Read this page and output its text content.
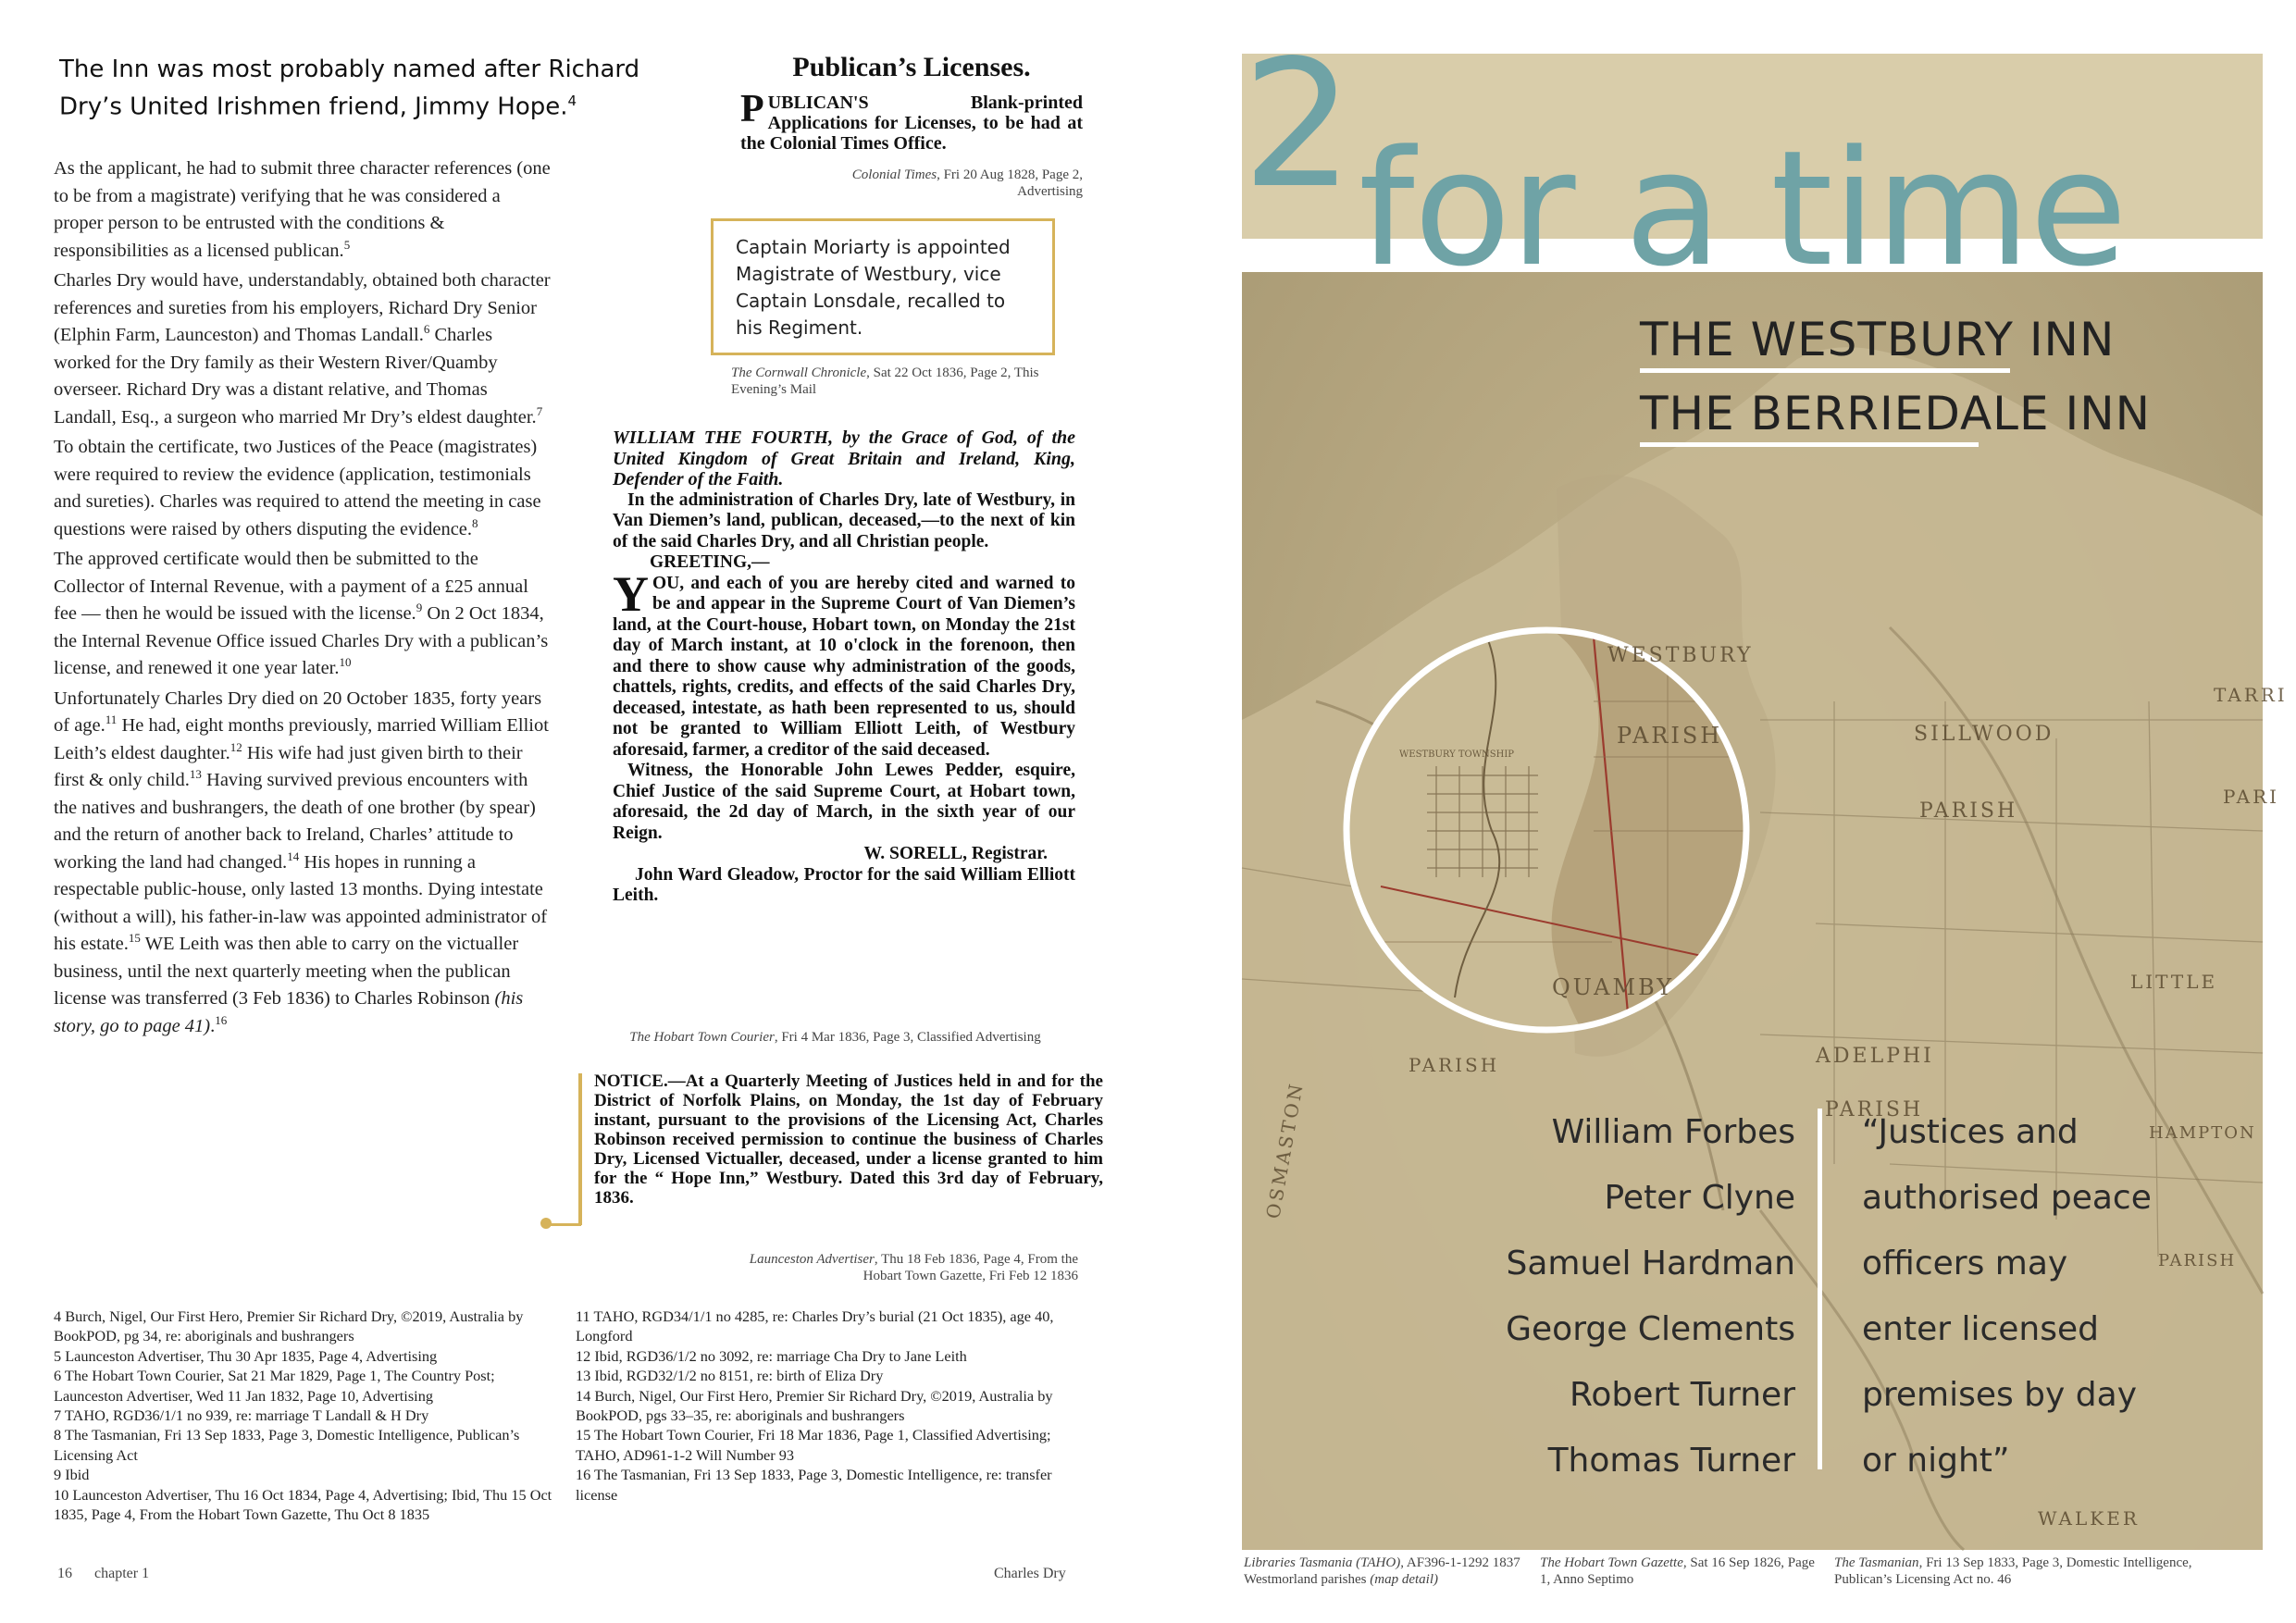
The Inn was most probably named after Richard Dry’s United Irishmen friend, Jimmy Hope.$^4$

As the applicant, he had to submit three character references (one to be from a magistrate) verifying that he was considered a proper person to be entrusted with the conditions & responsibilities as a licensed publican.$^5$

Charles Dry would have, understandably, obtained both character references and sureties from his employers, Richard Dry Senior (Elphin Farm, Launceston) and Thomas Landall.$^6$ Charles worked for the Dry family as their Western River/Quamby overseer. Richard Dry was a distant relative, and Thomas Landall, Esq., a surgeon who married Mr Dry’s eldest daughter.$^7$

To obtain the certificate, two Justices of the Peace (magistrates) were required to review the evidence (application, testimonials and sureties). Charles was required to attend the meeting in case questions were raised by others disputing the evidence.$^8$

The approved certificate would then be submitted to the Collector of Internal Revenue, with a payment of a £25 annual fee — then he would be issued with the license.$^9$ On 2 Oct 1834, the Internal Revenue Office issued Charles Dry with a publican’s license, and renewed it one year later.$^{10}$

Unfortunately Charles Dry died on 20 October 1835, forty years of age.$^{11}$ He had, eight months previously, married William Elliot Leith’s eldest daughter.$^{12}$ His wife had just given birth to their first & only child.$^{13}$ Having survived previous encounters with the natives and bushrangers, the death of one brother (by spear) and the return of another back to Ireland, Charles’ attitude to working the land had changed.$^{14}$ His hopes in running a respectable public-house, only lasted 13 months. Dying intestate (without a will), his father-in-law was appointed administrator of his estate.$^{15}$ WE Leith was then able to carry on the victualler business, until the next quarterly meeting when the publican license was transferred (3 Feb 1836) to Charles Robinson (his story, go to page 41).$^{16}$

Publican’s Licenses.
PUBLICAN'S Blank-printed Applications for Licenses, to be had at the Colonial Times Office.
Colonial Times, Fri 20 Aug 1828, Page 2, Advertising
Captain Moriarty is appointed Magistrate of Westbury, vice Captain Lonsdale, recalled to his Regiment.
The Cornwall Chronicle, Sat 22 Oct 1836, Page 2, This Evening’s Mail

WILLIAM THE FOURTH, by the Grace of God, of the United Kingdom of Great Britain and Ireland, King, Defender of the Faith.

In the administration of Charles Dry, late of Westbury, in Van Diemen’s land, publican, deceased,—to the next of kin of the said Charles Dry, and all Christian people.

GREETING,—

YOU, and each of you are hereby cited and warned to be and appear in the Supreme Court of Van Diemen’s land, at the Court-house, Hobart town, on Monday the 21st day of March instant, at 10 o'clock in the forenoon, then and there to show cause why administration of the goods, chattels, rights, credits, and effects of the said Charles Dry, deceased, intestate, as hath been represented to us, should not be granted to William Elliott Leith, of Westbury aforesaid, farmer, a creditor of the said deceased.

Witness, the Honorable John Lewes Pedder, esquire, Chief Justice of the said Supreme Court, at Hobart town, aforesaid, the 2d day of March, in the sixth year of our Reign.

W. SORELL, Registrar.

John Ward Gleadow, Proctor for the said William Elliott Leith.

The Hobart Town Courier, Fri 4 Mar 1836, Page 3, Classified Advertising
NOTICE.—At a Quarterly Meeting of Justices held in and for the District of Norfolk Plains, on Monday, the 1st day of February instant, pursuant to the provisions of the Licensing Act, Charles Robinson received permission to continue the business of Charles Dry, Licensed Victualler, deceased, under a license granted to him for the “ Hope Inn,” Westbury. Dated this 3rd day of February, 1836.
Launceston Advertiser, Thu 18 Feb 1836, Page 4, From the Hobart Town Gazette, Fri Feb 12 1836

4 Burch, Nigel, Our First Hero, Premier Sir Richard Dry, ©2019, Australia by BookPOD, pg 34, re: aboriginals and bushrangers

5 Launceston Advertiser, Thu 30 Apr 1835, Page 4, Advertising

6 The Hobart Town Courier, Sat 21 Mar 1829, Page 1, The Country Post; Launceston Advertiser, Wed 11 Jan 1832, Page 10, Advertising

7 TAHO, RGD36/1/1 no 939, re: marriage T Landall & H Dry

8 The Tasmanian, Fri 13 Sep 1833, Page 3, Domestic Intelligence, Publican’s Licensing Act

9 Ibid

10 Launceston Advertiser, Thu 16 Oct 1834, Page 4, Advertising; Ibid, Thu 15 Oct 1835, Page 4, From the Hobart Town Gazette, Thu Oct 8 1835

11 TAHO, RGD34/1/1 no 4285, re: Charles Dry’s burial (21 Oct 1835), age 40, Longford

12 Ibid, RGD36/1/2 no 3092, re: marriage Cha Dry to Jane Leith

13 Ibid, RGD32/1/2 no 8151, re: birth of Eliza Dry

14 Burch, Nigel, Our First Hero, Premier Sir Richard Dry, ©2019, Australia by BookPOD, pgs 33–35, re: aboriginals and bushrangers

15 The Hobart Town Courier, Fri 18 Mar 1836, Page 1, Classified Advertising; TAHO, AD961-1-2 Will Number 93

16 The Tasmanian, Fri 13 Sep 1833, Page 3, Domestic Intelligence, re: transfer license

16 chapter 1	Charles Dry
WESTBURY
PARISH
WESTBURY TOWNSHIP
QUAMBY
SILLWOOD
PARISH
ADELPHI
PARISH
PARISH
LITTLE
HAMPTON
PARISH
WALKER
TARRI
PARI
OSMASTON
2 for a time
THE WESTBURY INN
THE BERRIEDALE INN
William Forbes
Peter Clyne
Samuel Hardman
George Clements
Robert Turner
Thomas Turner
“Justices and
authorised peace
officers may
enter licensed
premises by day
or night”
Libraries Tasmania (TAHO), AF396-1-1292 1837 Westmorland parishes (map detail)
The Hobart Town Gazette, Sat 16 Sep 1826, Page 1, Anno Septimo
The Tasmanian, Fri 13 Sep 1833, Page 3, Domestic Intelligence, Publican’s Licensing Act no. 46
